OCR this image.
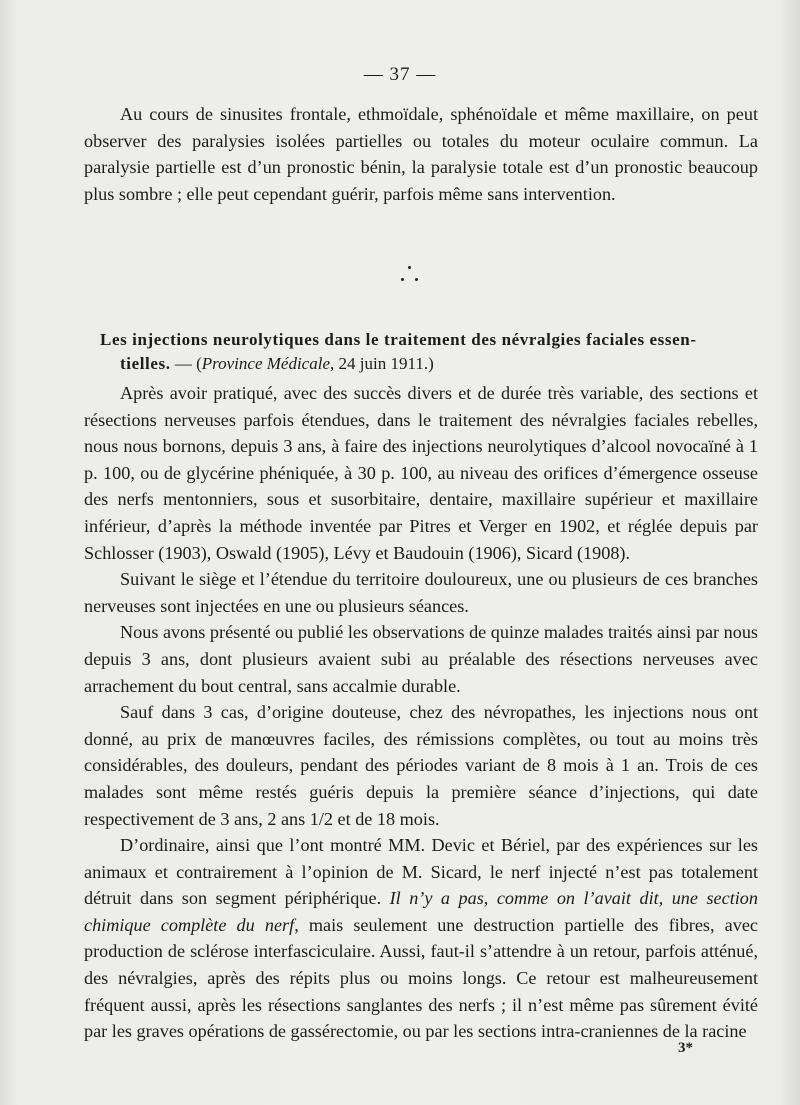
— 37 —

Au cours de sinusites frontale, ethmoïdale, sphénoïdale et même maxillaire, on peut observer des paralysies isolées partielles ou totales du moteur oculaire commun. La paralysie partielle est d’un pronostic bénin, la paralysie totale est d’un pronostic beaucoup plus sombre ; elle peut cependant guérir, parfois même sans intervention.

Les injections neurolytiques dans le traitement des névralgies faciales essen-
tielles. — (Province Médicale, 24 juin 1911.)

Après avoir pratiqué, avec des succès divers et de durée très variable, des sections et résections nerveuses parfois étendues, dans le traitement des névralgies faciales rebelles, nous nous bornons, depuis 3 ans, à faire des injections neurolytiques d’alcool novocaïné à 1 p. 100, ou de glycérine phéniquée, à 30 p. 100, au niveau des orifices d’émergence osseuse des nerfs mentonniers, sous et susorbitaire, dentaire, maxillaire supérieur et maxillaire inférieur, d’après la méthode inventée par Pitres et Verger en 1902, et réglée depuis par Schlosser (1903), Oswald (1905), Lévy et Baudouin (1906), Sicard (1908).

Suivant le siège et l’étendue du territoire douloureux, une ou plusieurs de ces branches nerveuses sont injectées en une ou plusieurs séances.

Nous avons présenté ou publié les observations de quinze malades traités ainsi par nous depuis 3 ans, dont plusieurs avaient subi au préalable des résections nerveuses avec arrachement du bout central, sans accalmie durable.

Sauf dans 3 cas, d’origine douteuse, chez des névropathes, les injections nous ont donné, au prix de manœuvres faciles, des rémissions complètes, ou tout au moins très considérables, des douleurs, pendant des périodes variant de 8 mois à 1 an. Trois de ces malades sont même restés guéris depuis la première séance d’injections, qui date respectivement de 3 ans, 2 ans 1/2 et de 18 mois.

D’ordinaire, ainsi que l’ont montré MM. Devic et Bériel, par des expériences sur les animaux et contrairement à l’opinion de M. Sicard, le nerf injecté n’est pas totalement détruit dans son segment périphérique. Il n’y a pas, comme on l’avait dit, une section chimique complète du nerf, mais seulement une destruction partielle des fibres, avec production de sclérose interfasciculaire. Aussi, faut-il s’attendre à un retour, parfois atténué, des névralgies, après des répits plus ou moins longs. Ce retour est malheureusement fréquent aussi, après les résections sanglantes des nerfs ; il n’est même pas sûrement évité par les graves opérations de gassérectomie, ou par les sections intra-craniennes de la racine

3*
